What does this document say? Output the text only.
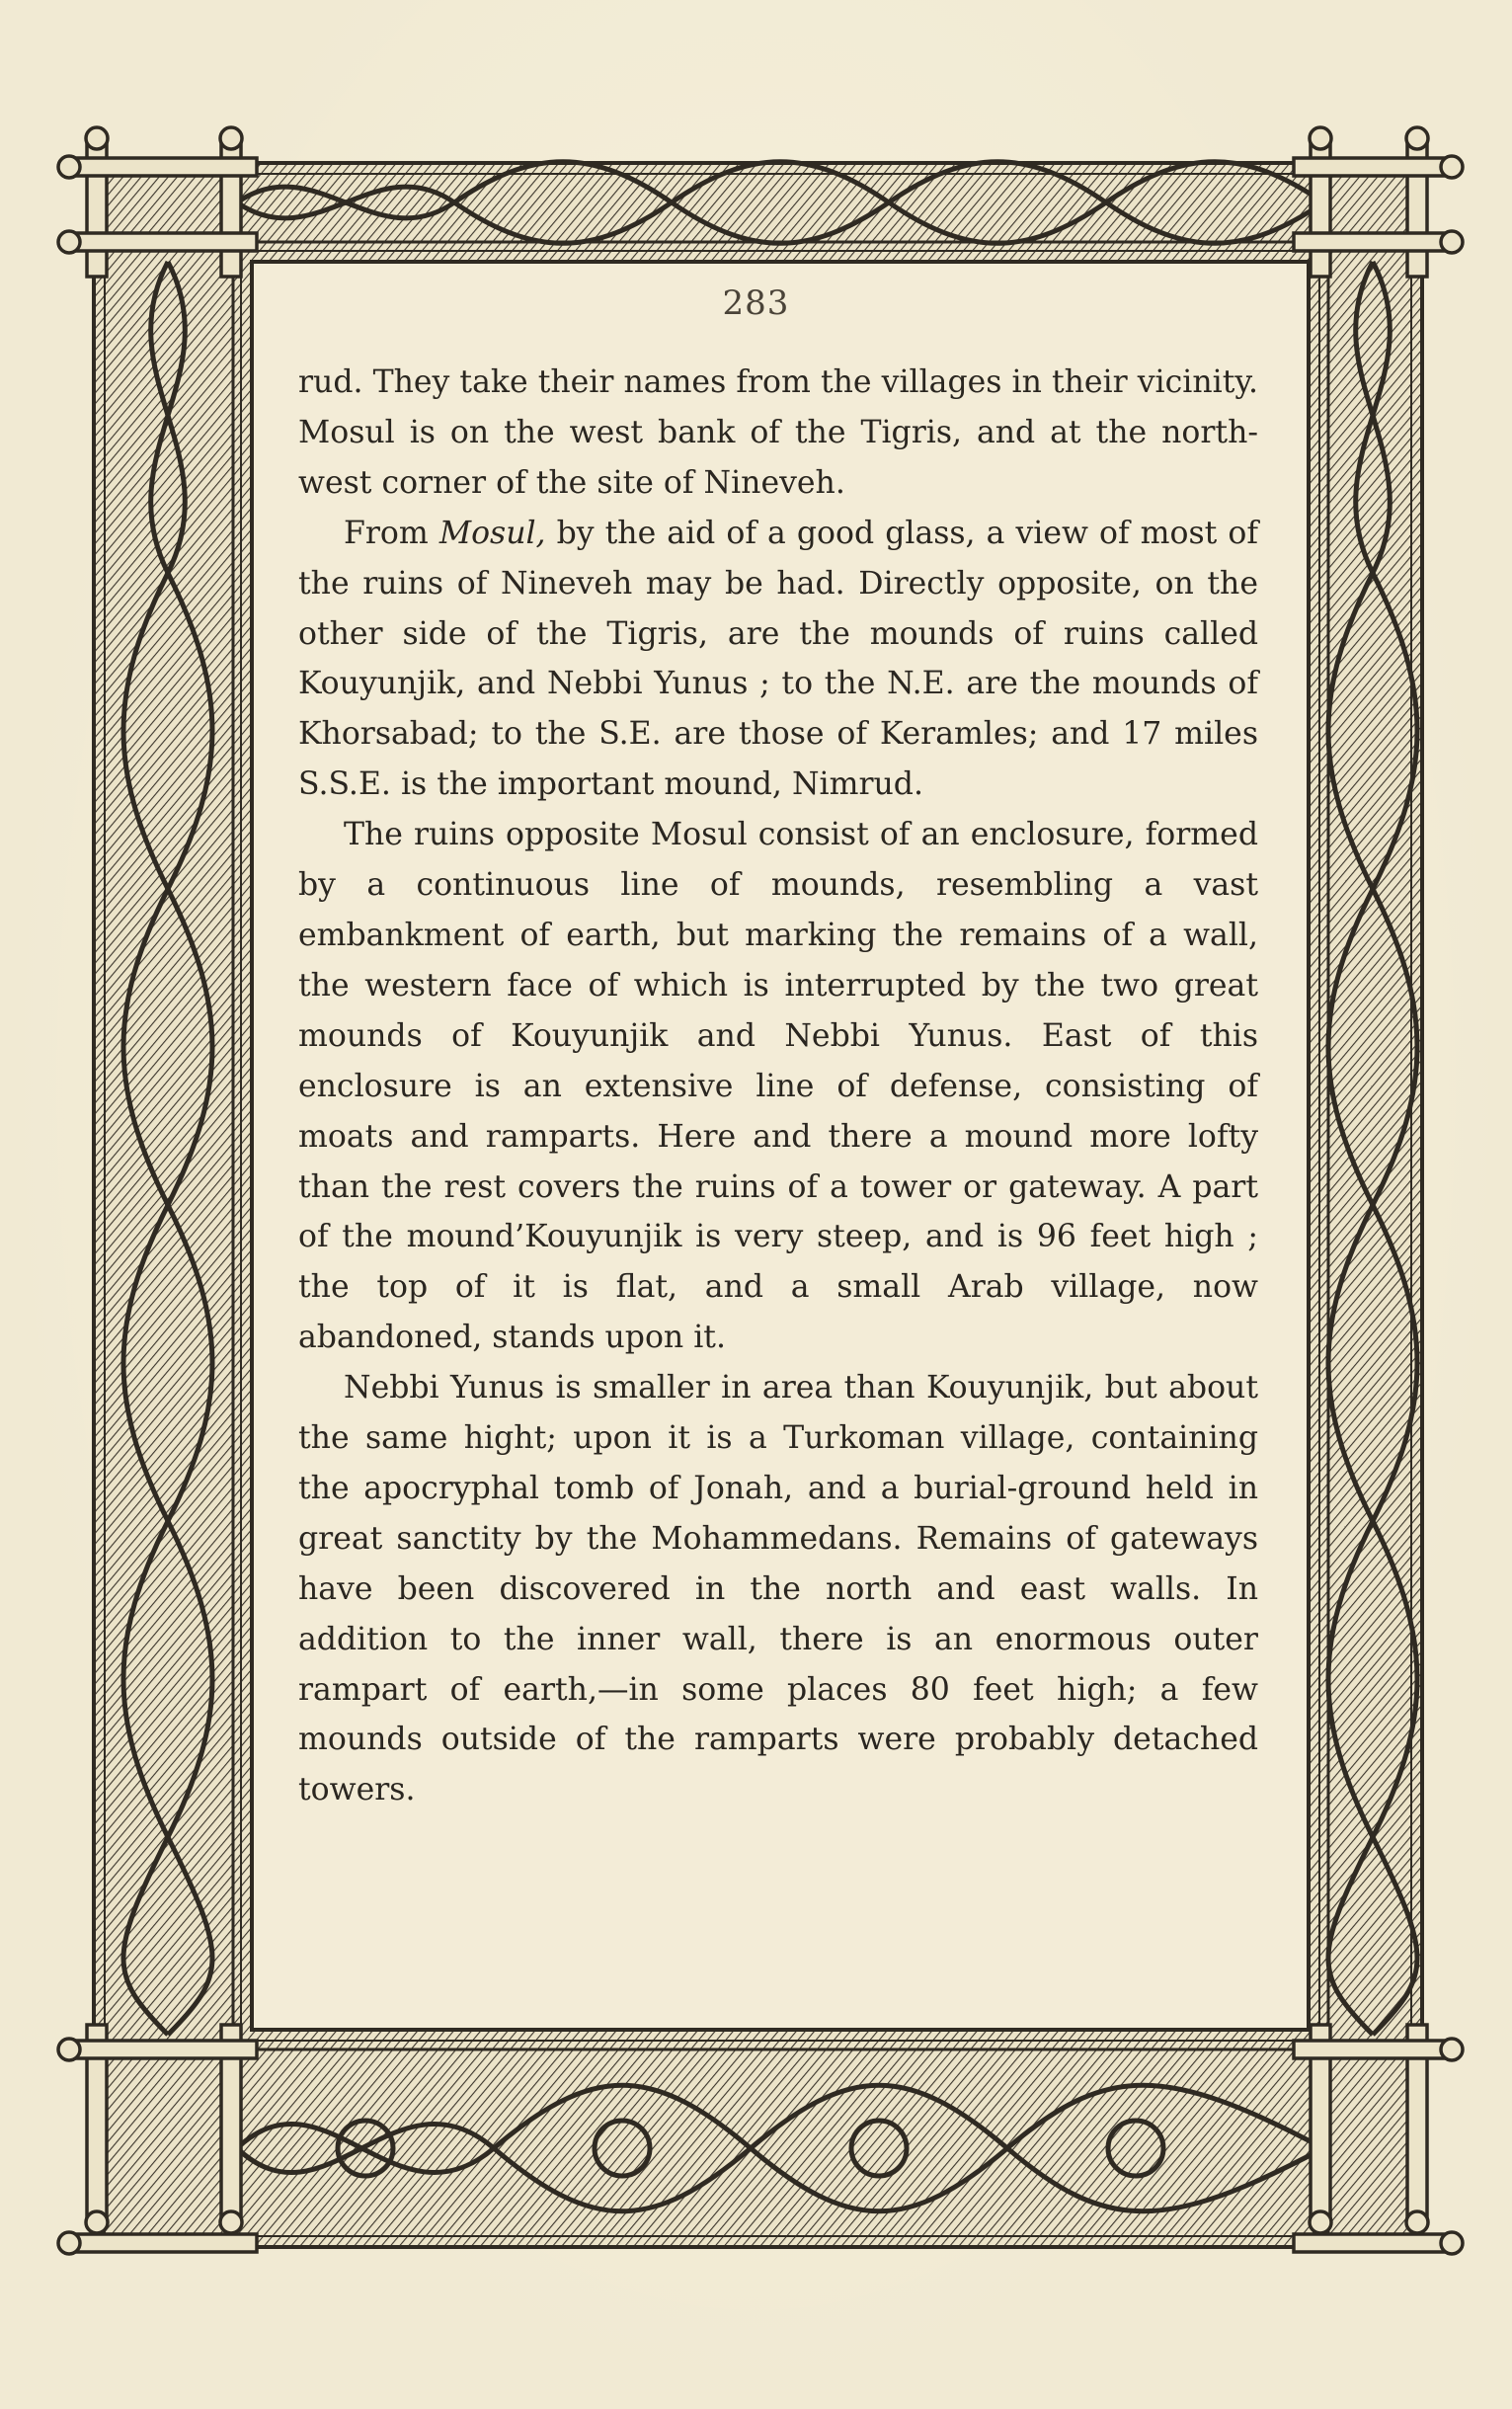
283

rud. They take their names from the villages in their vicinity. Mosul is on the west bank of the Tigris, and at the north-west corner of the site of Nineveh.

From Mosul, by the aid of a good glass, a view of most of the ruins of Nineveh may be had. Directly opposite, on the other side of the Tigris, are the mounds of ruins called Kouyunjik, and Nebbi Yunus ; to the N.E. are the mounds of Khorsabad; to the S.E. are those of Keramles; and 17 miles S.S.E. is the important mound, Nimrud.

The ruins opposite Mosul consist of an enclosure, formed by a continuous line of mounds, resembling a vast embankment of earth, but marking the remains of a wall, the western face of which is interrupted by the two great mounds of Kouyunjik and Nebbi Yunus. East of this enclosure is an extensive line of defense, consisting of moats and ramparts. Here and there a mound more lofty than the rest covers the ruins of a tower or gateway. A part of the mound’Kouyunjik is very steep, and is 96 feet high ; the top of it is flat, and a small Arab village, now abandoned, stands upon it.

Nebbi Yunus is smaller in area than Kouyunjik, but about the same hight; upon it is a Turkoman village, containing the apocryphal tomb of Jonah, and a burial-ground held in great sanctity by the Mohammedans. Remains of gateways have been discovered in the north and east walls. In addition to the inner wall, there is an enormous outer rampart of earth,—in some places 80 feet high; a few mounds outside of the ramparts were probably detached towers.
